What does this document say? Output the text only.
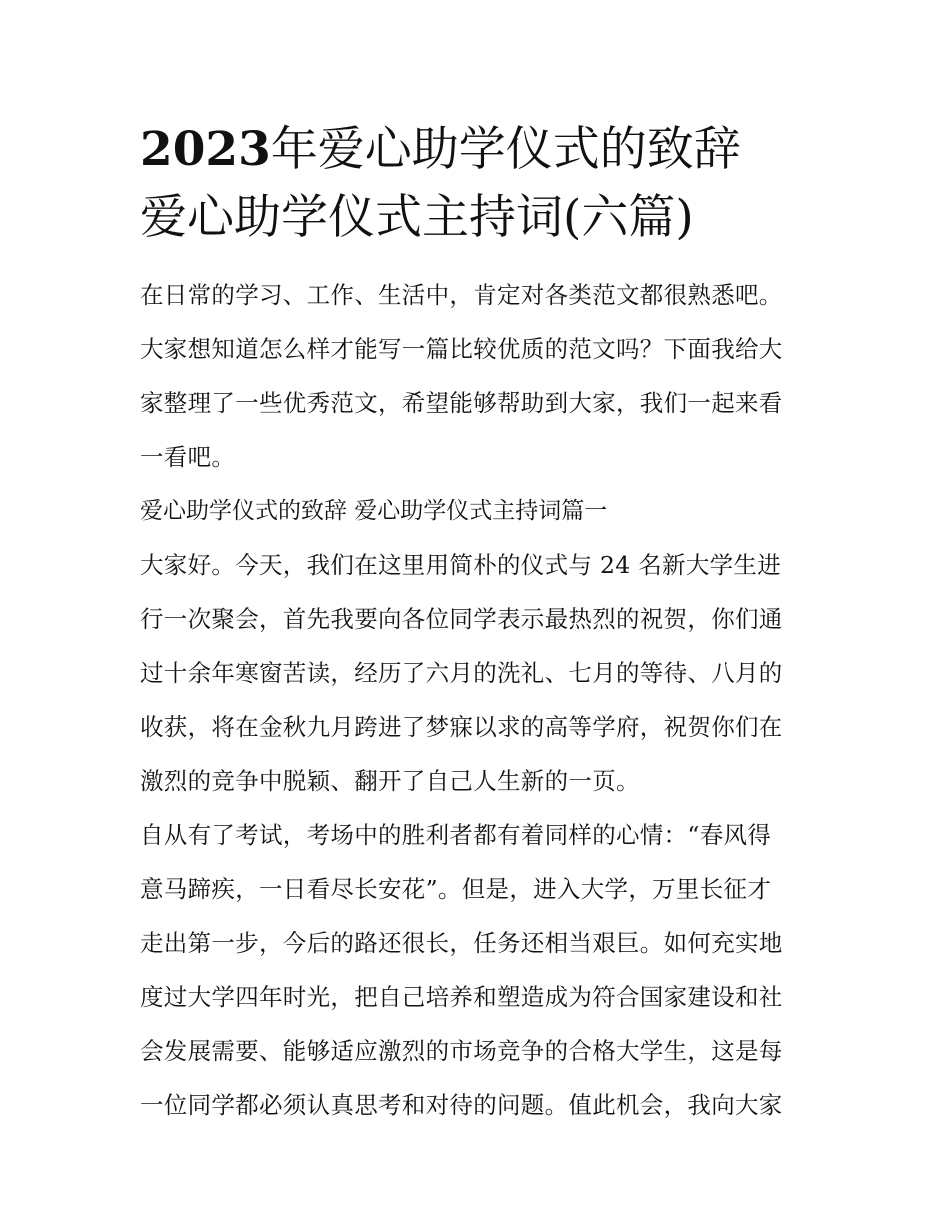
2023年爱心助学仪式的致辞
爱心助学仪式主持词(六篇)

在日常的学习、工作、生活中，肯定对各类范文都很熟悉吧。
大家想知道怎么样才能写一篇比较优质的范文吗？下面我给大
家整理了一些优秀范文，希望能够帮助到大家，我们一起来看
一看吧。

爱心助学仪式的致辞 爱心助学仪式主持词篇一

大家好。今天，我们在这里用简朴的仪式与 24 名新大学生进
行一次聚会，首先我要向各位同学表示最热烈的祝贺，你们通
过十余年寒窗苦读，经历了六月的洗礼、七月的等待、八月的
收获，将在金秋九月跨进了梦寐以求的高等学府，祝贺你们在
激烈的竞争中脱颖、翻开了自己人生新的一页。

自从有了考试，考场中的胜利者都有着同样的心情：“春风得
意马蹄疾，一日看尽长安花”。但是，进入大学，万里长征才
走出第一步，今后的路还很长，任务还相当艰巨。如何充实地
度过大学四年时光，把自己培养和塑造成为符合国家建设和社
会发展需要、能够适应激烈的市场竞争的合格大学生，这是每
一位同学都必须认真思考和对待的问题。值此机会，我向大家
